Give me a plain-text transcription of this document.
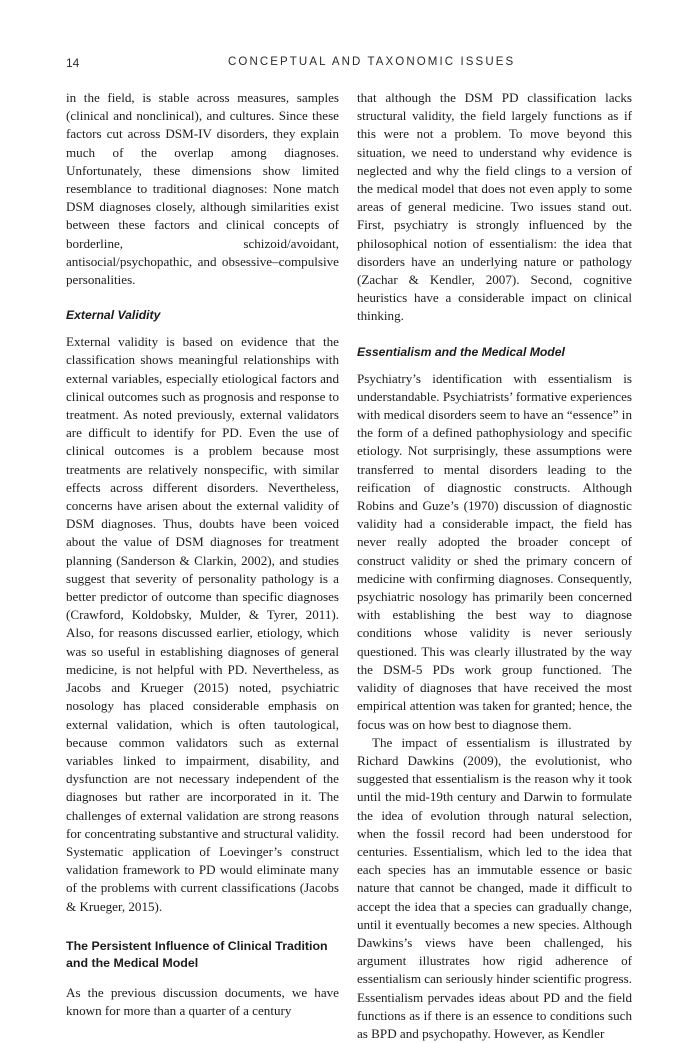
14	CONCEPTUAL AND TAXONOMIC ISSUES

in the field, is stable across measures, samples (clinical and nonclinical), and cultures. Since these factors cut across DSM-IV disorders, they explain much of the overlap among diagnoses. Unfortunately, these dimensions show limited resemblance to traditional diagnoses: None match DSM diagnoses closely, although similarities exist between these factors and clinical concepts of borderline, schizoid/avoidant, antisocial/psychopathic, and obsessive–compulsive personalities.

External Validity

External validity is based on evidence that the classification shows meaningful relationships with external variables, especially etiological factors and clinical outcomes such as prognosis and response to treatment. As noted previously, external validators are difficult to identify for PD. Even the use of clinical outcomes is a problem because most treatments are relatively nonspecific, with similar effects across different disorders. Nevertheless, concerns have arisen about the external validity of DSM diagnoses. Thus, doubts have been voiced about the value of DSM diagnoses for treatment planning (Sanderson & Clarkin, 2002), and studies suggest that severity of personality pathology is a better predictor of outcome than specific diagnoses (Crawford, Koldobsky, Mulder, & Tyrer, 2011). Also, for reasons discussed earlier, etiology, which was so useful in establishing diagnoses of general medicine, is not helpful with PD. Nevertheless, as Jacobs and Krueger (2015) noted, psychiatric nosology has placed considerable emphasis on external validation, which is often tautological, because common validators such as external variables linked to impairment, disability, and dysfunction are not necessary independent of the diagnoses but rather are incorporated in it. The challenges of external validation are strong reasons for concentrating substantive and structural validity. Systematic application of Loevinger’s construct validation framework to PD would eliminate many of the problems with current classifications (Jacobs & Krueger, 2015).

The Persistent Influence of Clinical Tradition
and the Medical Model

As the previous discussion documents, we have known for more than a quarter of a century

that although the DSM PD classification lacks structural validity, the field largely functions as if this were not a problem. To move beyond this situation, we need to understand why evidence is neglected and why the field clings to a version of the medical model that does not even apply to some areas of general medicine. Two issues stand out. First, psychiatry is strongly influenced by the philosophical notion of essentialism: the idea that disorders have an underlying nature or pathology (Zachar & Kendler, 2007). Second, cognitive heuristics have a considerable impact on clinical thinking.

Essentialism and the Medical Model

Psychiatry’s identification with essentialism is understandable. Psychiatrists’ formative experiences with medical disorders seem to have an “essence” in the form of a defined pathophysiology and specific etiology. Not surprisingly, these assumptions were transferred to mental disorders leading to the reification of diagnostic constructs. Although Robins and Guze’s (1970) discussion of diagnostic validity had a considerable impact, the field has never really adopted the broader concept of construct validity or shed the primary concern of medicine with confirming diagnoses. Consequently, psychiatric nosology has primarily been concerned with establishing the best way to diagnose conditions whose validity is never seriously questioned. This was clearly illustrated by the way the DSM-5 PDs work group functioned. The validity of diagnoses that have received the most empirical attention was taken for granted; hence, the focus was on how best to diagnose them.

The impact of essentialism is illustrated by Richard Dawkins (2009), the evolutionist, who suggested that essentialism is the reason why it took until the mid-19th century and Darwin to formulate the idea of evolution through natural selection, when the fossil record had been understood for centuries. Essentialism, which led to the idea that each species has an immutable essence or basic nature that cannot be changed, made it difficult to accept the idea that a species can gradually change, until it eventually becomes a new species. Although Dawkins’s views have been challenged, his argument illustrates how rigid adherence of essentialism can seriously hinder scientific progress. Essentialism pervades ideas about PD and the field functions as if there is an essence to conditions such as BPD and psychopathy. However, as Kendler
